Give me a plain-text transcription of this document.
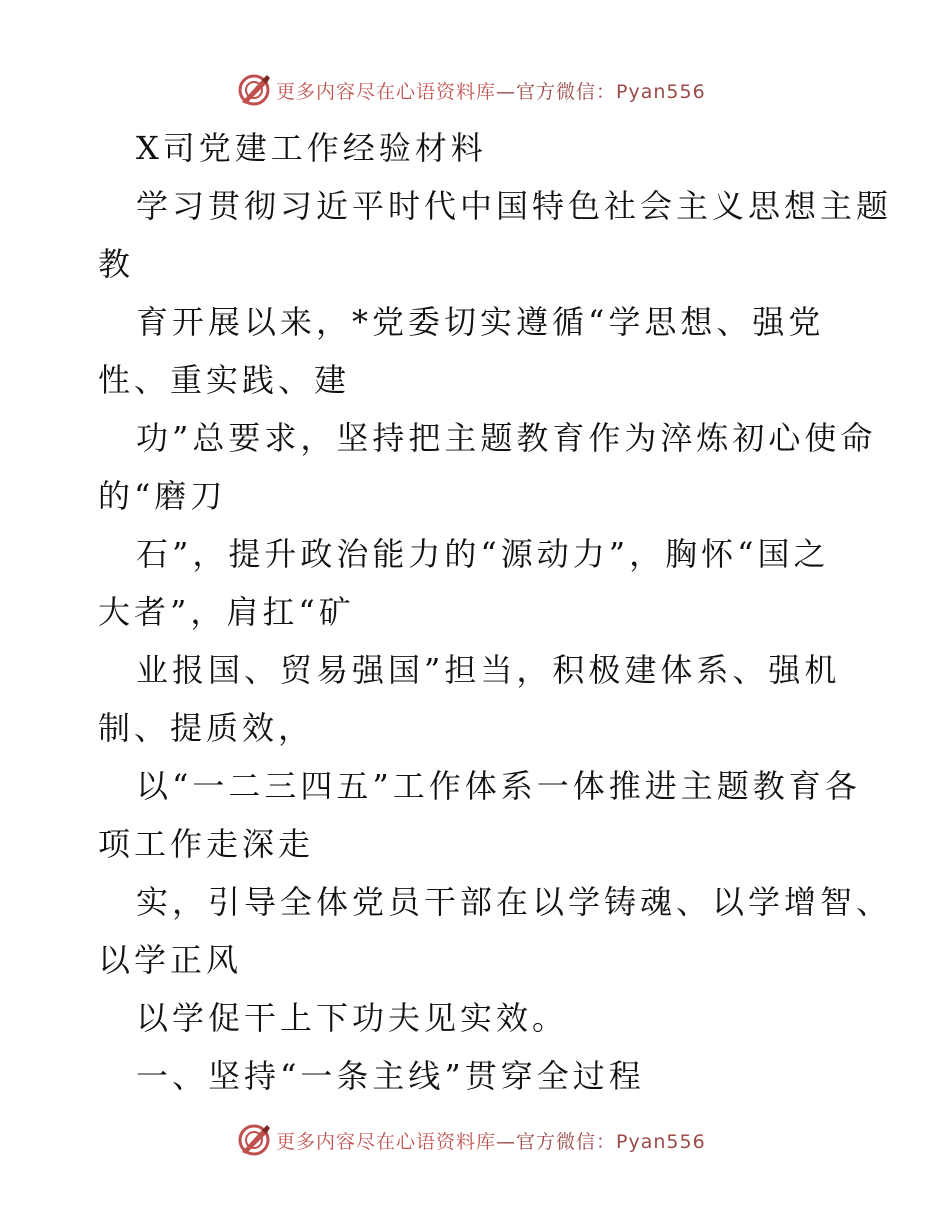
更多内容尽在心语资料库—官方微信：Pyan556
X司党建工作经验材料
学习贯彻习近平时代中国特色社会主义思想主题
教
育开展以来，*党委切实遵循“学思想、强党
性、重实践、建
功”总要求，坚持把主题教育作为淬炼初心使命
的“磨刀
石”，提升政治能力的“源动力”，胸怀“国之
大者”，肩扛“矿
业报国、贸易强国”担当，积极建体系、强机
制、提质效，
以“一二三四五”工作体系一体推进主题教育各
项工作走深走
实，引导全体党员干部在以学铸魂、以学增智、
以学正风
以学促干上下功夫见实效。
一、坚持“一条主线”贯穿全过程
更多内容尽在心语资料库—官方微信：Pyan556
